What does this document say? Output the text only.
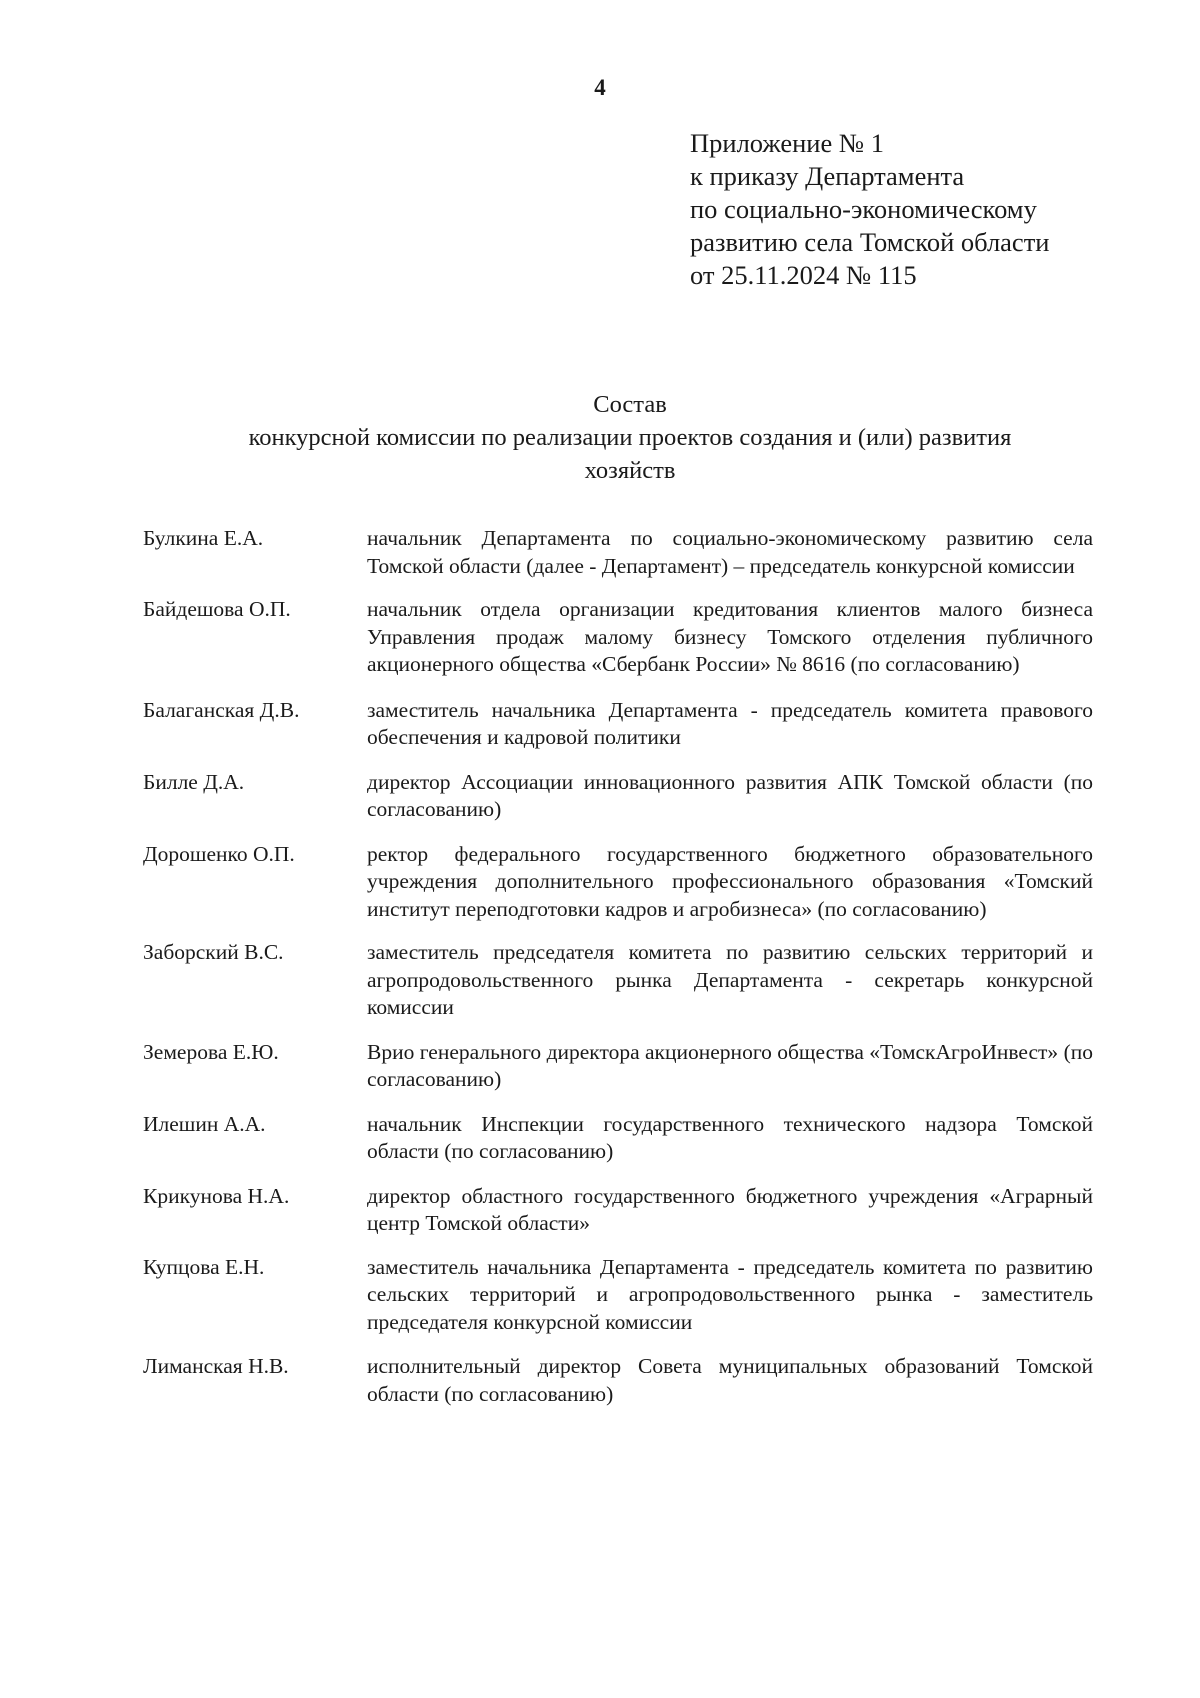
4
Приложение № 1
к приказу Департамента
по социально-экономическому
развитию села Томской области
от 25.11.2024 № 115
Состав
конкурсной комиссии по реализации проектов создания и (или) развития
хозяйств
Булкина Е.А.	начальник Департамента по социально-экономическому развитию села Томской области (далее - Департамент) – председатель конкурсной комиссии
Байдешова О.П.	начальник отдела организации кредитования клиентов малого бизнеса Управления продаж малому бизнесу Томского отделения публичного акционерного общества «Сбербанк России» № 8616 (по согласованию)
Балаганская Д.В.	заместитель начальника Департамента - председатель комитета правового обеспечения и кадровой политики
Билле Д.А.	директор Ассоциации инновационного развития АПК Томской области (по согласованию)
Дорошенко О.П.	ректор федерального государственного бюджетного образовательного учреждения дополнительного профессионального образования «Томский институт переподготовки кадров и агробизнеса» (по согласованию)
Заборский В.С.	заместитель председателя комитета по развитию сельских территорий и агропродовольственного рынка Департамента - секретарь конкурсной комиссии
Земерова Е.Ю.	Врио генерального директора акционерного общества «ТомскАгроИнвест» (по согласованию)
Илешин А.А.	начальник Инспекции государственного технического надзора Томской области (по согласованию)
Крикунова Н.А.	директор областного государственного бюджетного учреждения «Аграрный центр Томской области»
Купцова Е.Н.	заместитель начальника Департамента - председатель комитета по развитию сельских территорий и агропродовольственного рынка - заместитель председателя конкурсной комиссии
Лиманская Н.В.	исполнительный директор Совета муниципальных образований Томской области (по согласованию)
